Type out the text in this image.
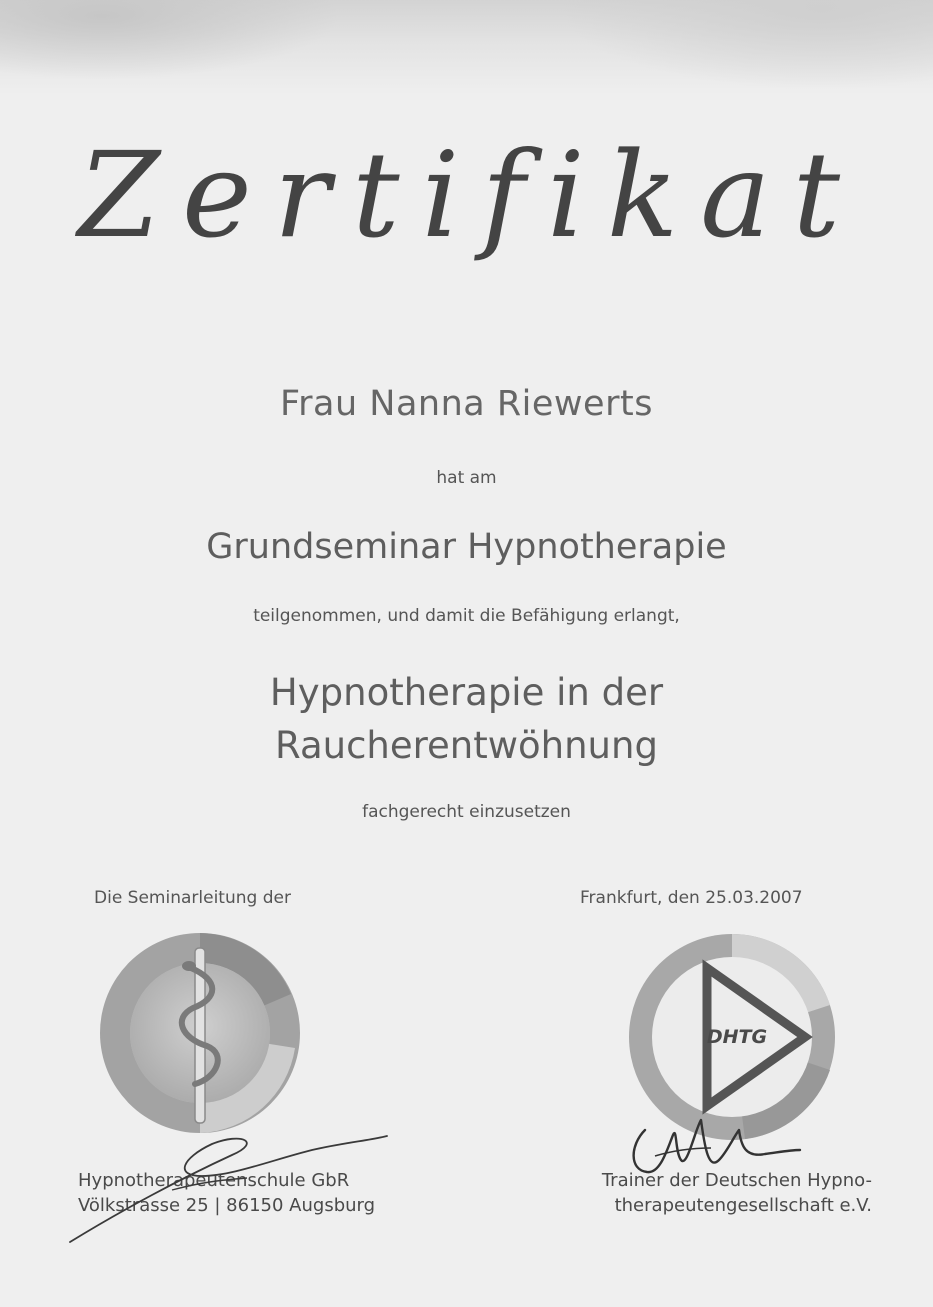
Zertifikat
Frau Nanna Riewerts
hat am
Grundseminar Hypnotherapie
teilgenommen, und damit die Befähigung erlangt,
Hypnotherapie in der
Raucherentwöhnung
fachgerecht einzusetzen
Die Seminarleitung der	Frankfurt, den 25.03.2007
DHTG
Hypnotherapeutenschule GbR
Völkstrasse 25 | 86150 Augsburg
Trainer der Deutschen Hypno-
therapeutengesellschaft e.V.
